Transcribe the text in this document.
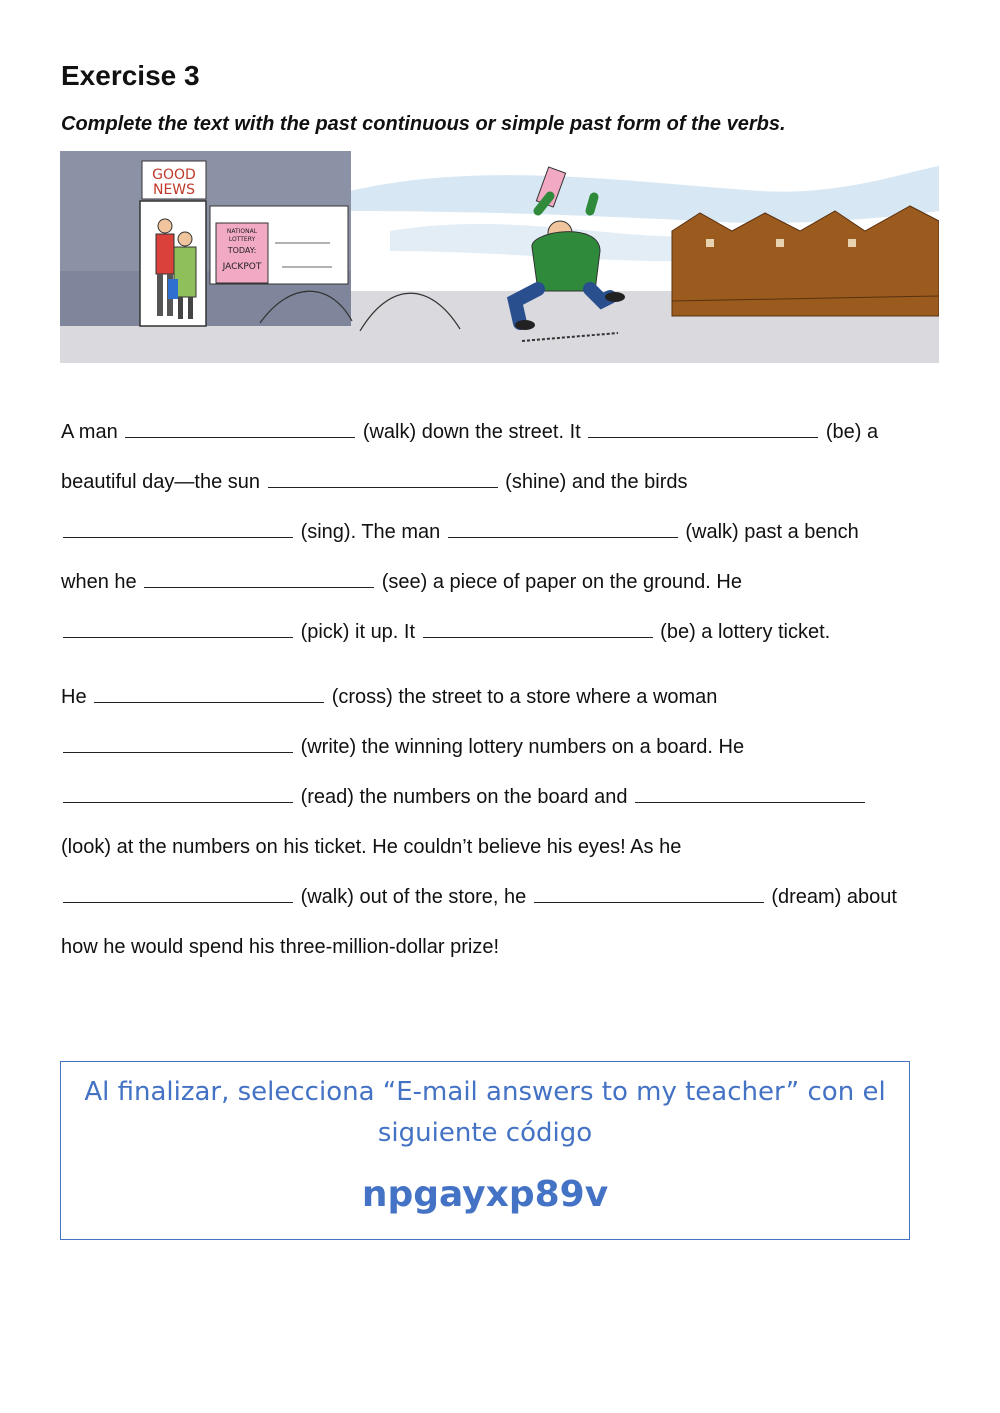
Exercise 3

Complete the text with the past continuous or simple past form of the verbs.

GOOD
NEWS
NATIONAL
LOTTERY
TODAY:
JACKPOT
A man	(walk) down the street. It	(be) a
beautiful day—the sun	(shine) and the birds
(sing). The man	(walk) past a bench
when he	(see) a piece of paper on the ground. He
(pick) it up. It	(be) a lottery ticket.
He	(cross) the street to a store where a woman
(write) the winning lottery numbers on a board. He
(read) the numbers on the board and
(look) at the numbers on his ticket. He couldn’t believe his eyes! As he
(walk) out of the store, he	(dream) about
how he would spend his three-million-dollar prize!
Al finalizar, selecciona “E-mail answers to my teacher” con el siguiente código
npgayxp89v
